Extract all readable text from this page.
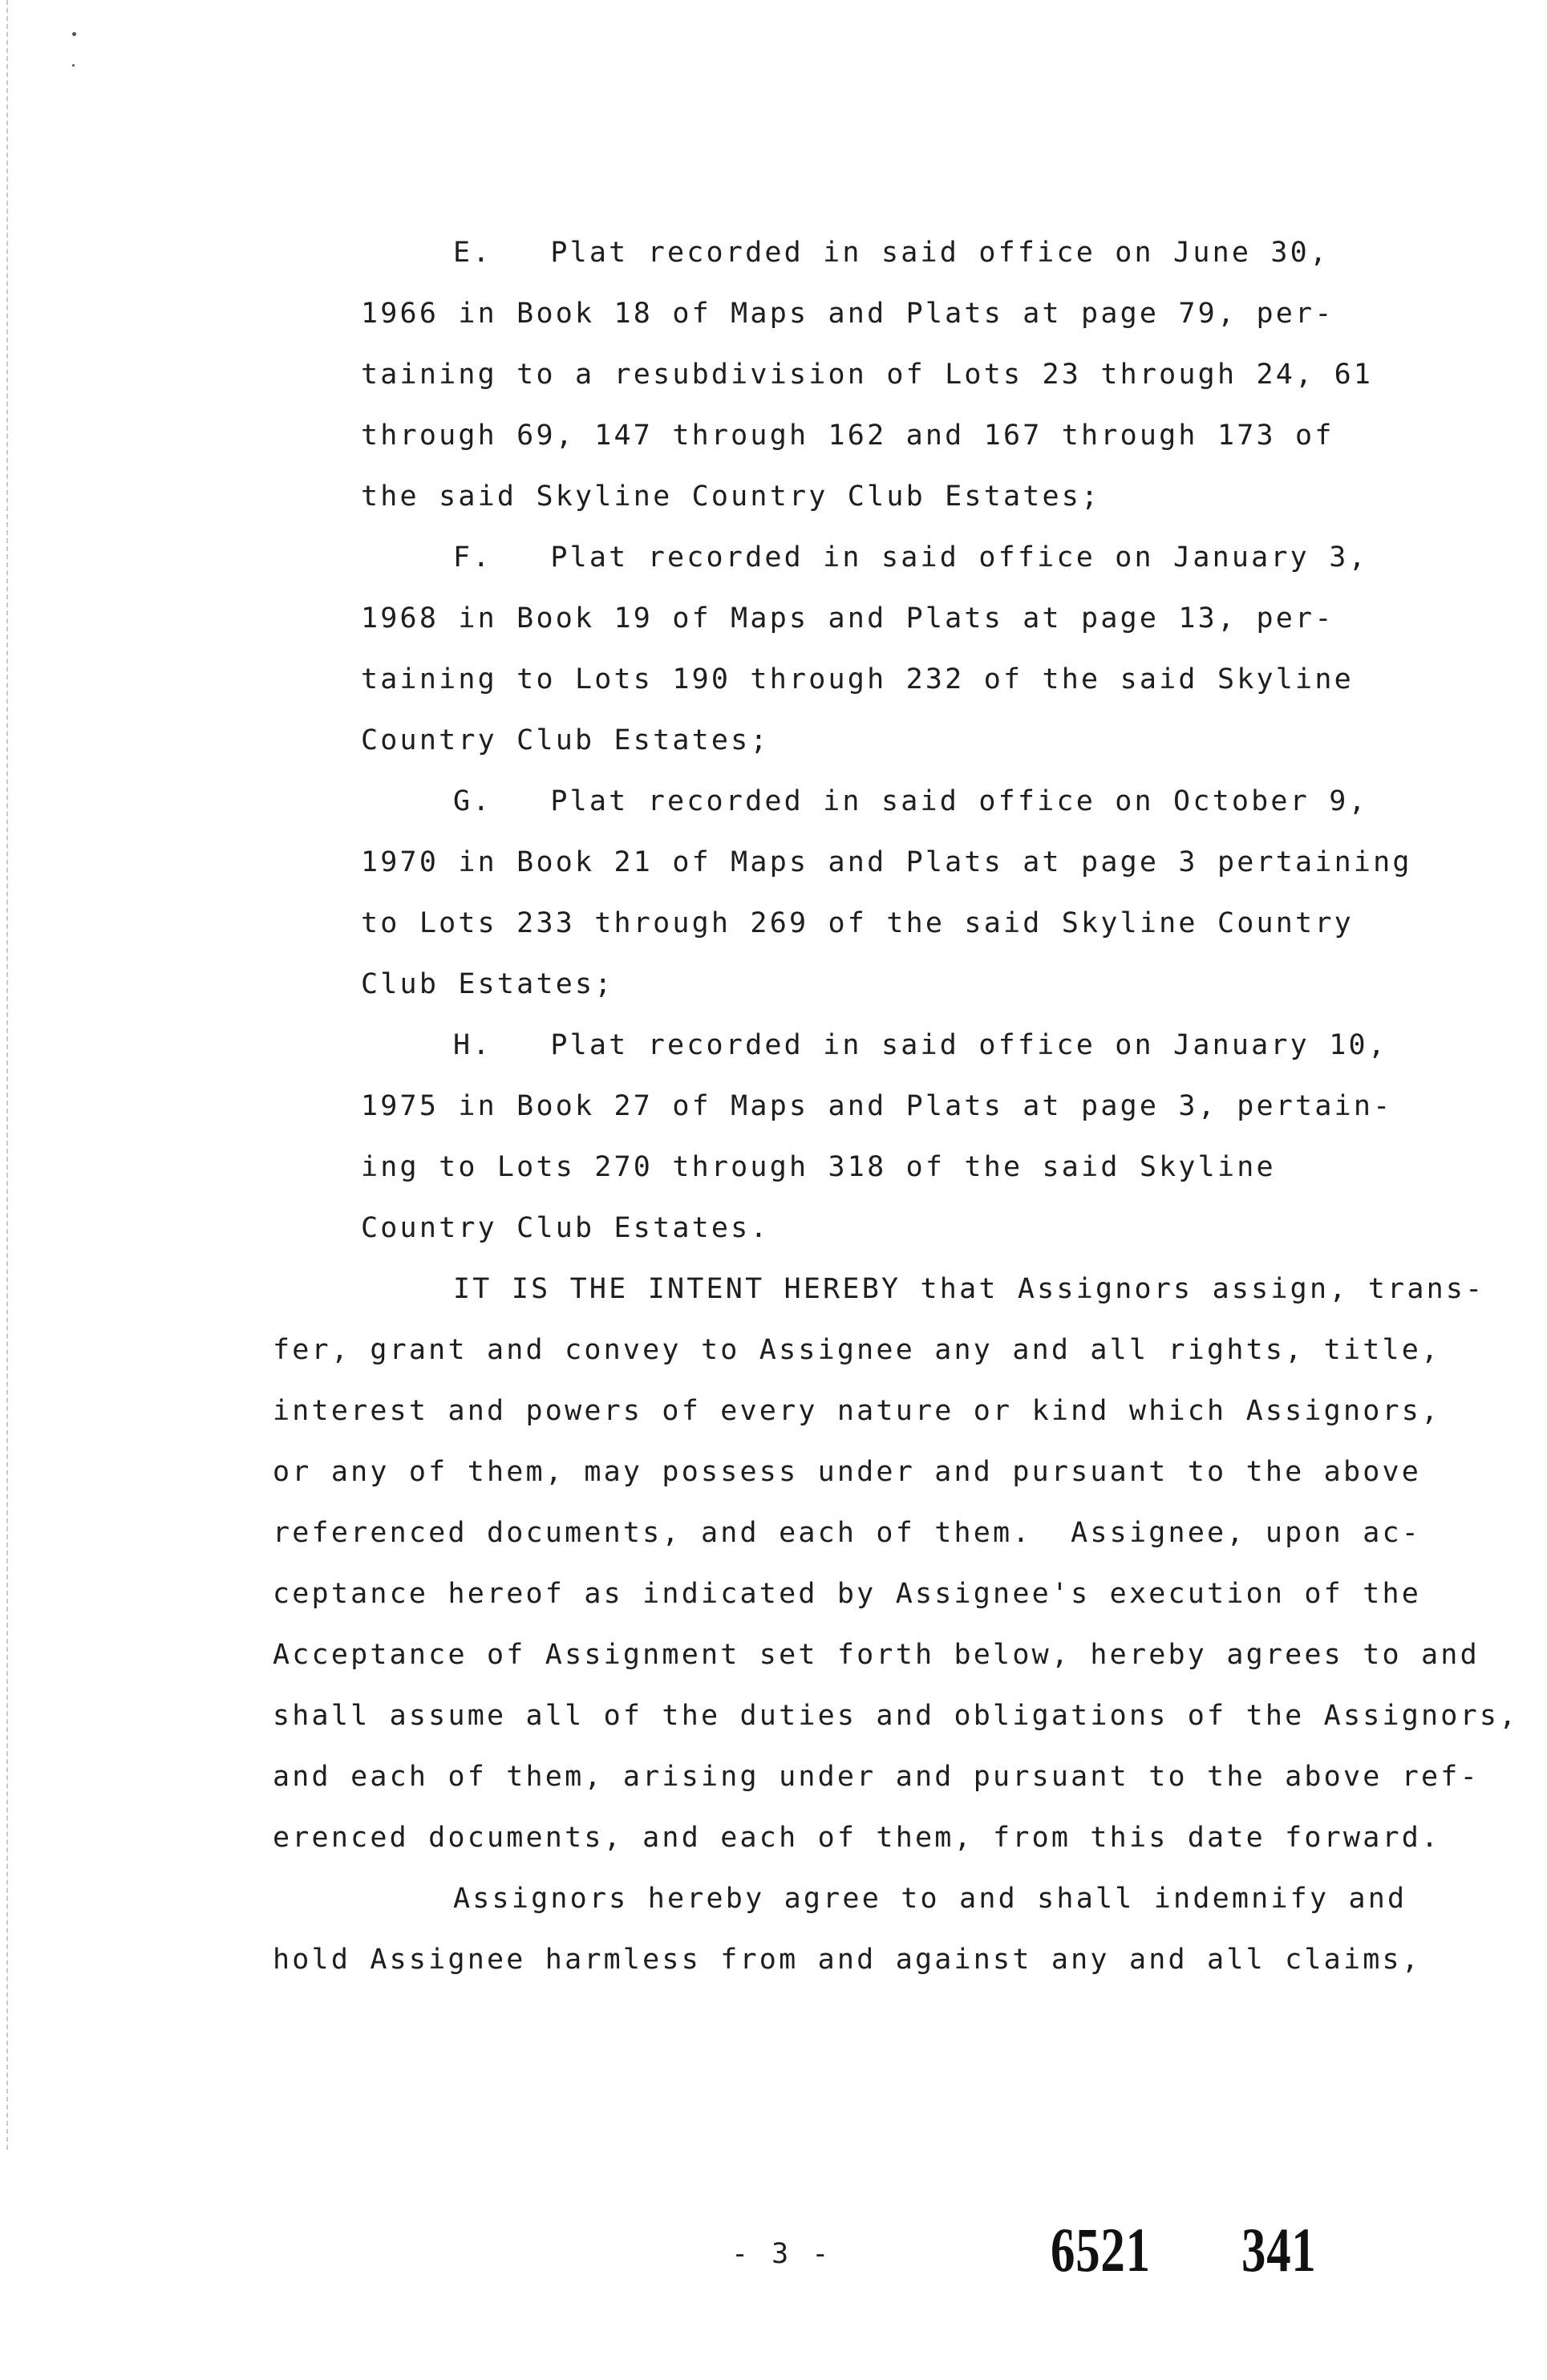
E.   Plat recorded in said office on June 30,
1966 in Book 18 of Maps and Plats at page 79, per-
taining to a resubdivision of Lots 23 through 24, 61
through 69, 147 through 162 and 167 through 173 of
the said Skyline Country Club Estates;
F.   Plat recorded in said office on January 3,
1968 in Book 19 of Maps and Plats at page 13, per-
taining to Lots 190 through 232 of the said Skyline
Country Club Estates;
G.   Plat recorded in said office on October 9,
1970 in Book 21 of Maps and Plats at page 3 pertaining
to Lots 233 through 269 of the said Skyline Country
Club Estates;
H.   Plat recorded in said office on January 10,
1975 in Book 27 of Maps and Plats at page 3, pertain-
ing to Lots 270 through 318 of the said Skyline
Country Club Estates.
IT IS THE INTENT HEREBY that Assignors assign, trans-
fer, grant and convey to Assignee any and all rights, title,
interest and powers of every nature or kind which Assignors,
or any of them, may possess under and pursuant to the above
referenced documents, and each of them.  Assignee, upon ac-
ceptance hereof as indicated by Assignee's execution of the
Acceptance of Assignment set forth below, hereby agrees to and
shall assume all of the duties and obligations of the Assignors,
and each of them, arising under and pursuant to the above ref-
erenced documents, and each of them, from this date forward.
Assignors hereby agree to and shall indemnify and
hold Assignee harmless from and against any and all claims,
- 3 -	6521 341
